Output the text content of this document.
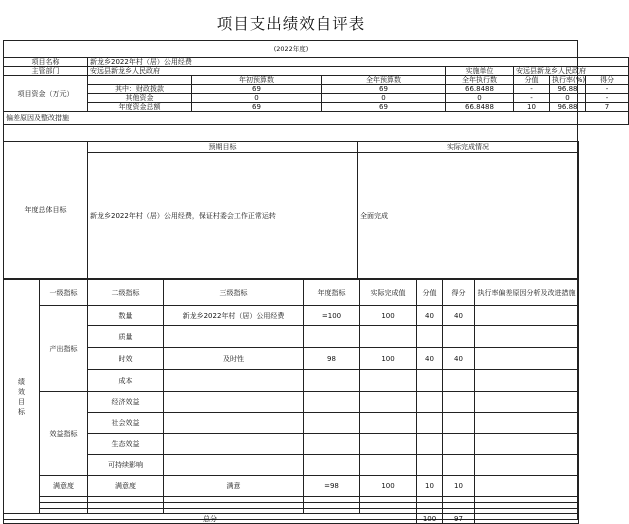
项目支出绩效自评表
(2022年度)
项目名称	新龙乡2022年村（居）公用经费						
主管部门	安远县新龙乡人民政府			实施单位	安远县新龙乡人民政府		
项目资金（万元）		年初预算数	全年预算数	全年执行数	分值	执行率(%)	得分
	其中：财政拨款	69	69	66.8488	-	96.88	-
	其他资金	0	0	0	-	0	-
	年度资金总额	69	69	66.8488	10	96.88	7
偏差原因及整改措施							
年度总体目标	预期目标	实际完成情况
	新龙乡2022年村（居）公用经费，保证村委会工作正常运转	全面完成
绩效目标	一级指标	二级指标	三级指标	年度指标	实际完成值	分值	得分	执行率偏差原因分析及改进措施
	产出指标	数量	新龙乡2022年村（居）公用经费	=100	100	40	40	
		质量						
		时效	及时性	98	100	40	40	
		成本						
	效益指标	经济效益						
		社会效益						
		生态效益						
		可持续影响						
	满意度	满意度	满意	=98	100	10	10	

总分						100	97	
